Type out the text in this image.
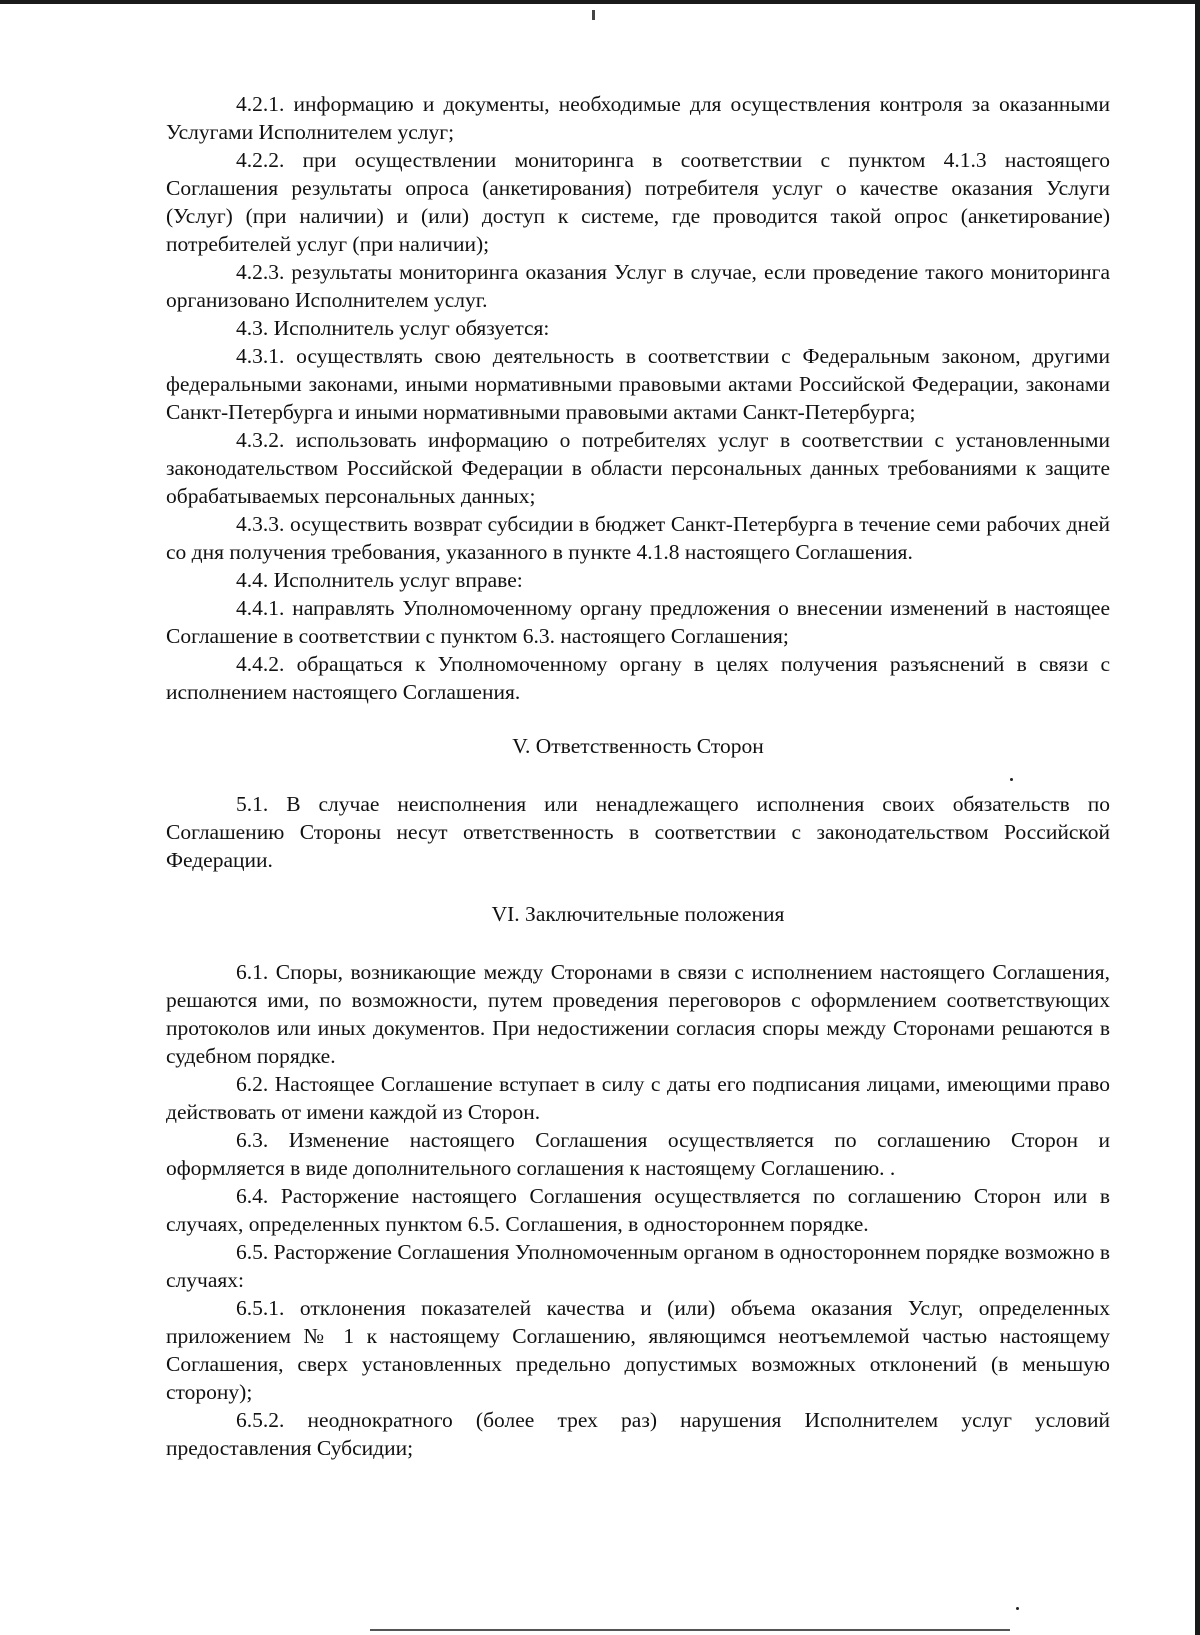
4.2.1. информацию и документы, необходимые для осуществления контроля за оказанными Услугами Исполнителем услуг;

4.2.2. при осуществлении мониторинга в соответствии с пунктом 4.1.3 настоящего Соглашения результаты опроса (анкетирования) потребителя услуг о качестве оказания Услуги (Услуг) (при наличии) и (или) доступ к системе, где проводится такой опрос (анкетирование) потребителей услуг (при наличии);

4.2.3. результаты мониторинга оказания Услуг в случае, если проведение такого мониторинга организовано Исполнителем услуг.

4.3. Исполнитель услуг обязуется:

4.3.1. осуществлять свою деятельность в соответствии с Федеральным законом, другими федеральными законами, иными нормативными правовыми актами Российской Федерации, законами Санкт-Петербурга и иными нормативными правовыми актами Санкт-Петербурга;

4.3.2. использовать информацию о потребителях услуг в соответствии с установленными законодательством Российской Федерации в области персональных данных требованиями к защите обрабатываемых персональных данных;

4.3.3. осуществить возврат субсидии в бюджет Санкт-Петербурга в течение семи рабочих дней со дня получения требования, указанного в пункте 4.1.8 настоящего Соглашения.

4.4. Исполнитель услуг вправе:

4.4.1. направлять Уполномоченному органу предложения о внесении изменений в настоящее Соглашение в соответствии с пунктом 6.3. настоящего Соглашения;

4.4.2. обращаться к Уполномоченному органу в целях получения разъяснений в связи с исполнением настоящего Соглашения.

V. Ответственность Сторон

5.1. В случае неисполнения или ненадлежащего исполнения своих обязательств по Соглашению Стороны несут ответственность в соответствии с законодательством Российской Федерации.

VI. Заключительные положения

6.1. Споры, возникающие между Сторонами в связи с исполнением настоящего Соглашения, решаются ими, по возможности, путем проведения переговоров с оформлением соответствующих протоколов или иных документов. При недостижении согласия споры между Сторонами решаются в судебном порядке.

6.2. Настоящее Соглашение вступает в силу с даты его подписания лицами, имеющими право действовать от имени каждой из Сторон.

6.3. Изменение настоящего Соглашения осуществляется по соглашению Сторон и оформляется в виде дополнительного соглашения к настоящему Соглашению. .

6.4. Расторжение настоящего Соглашения осуществляется по соглашению Сторон или в случаях, определенных пунктом 6.5. Соглашения, в одностороннем порядке.

6.5. Расторжение Соглашения Уполномоченным органом в одностороннем порядке возможно в случаях:

6.5.1. отклонения показателей качества и (или) объема оказания Услуг, определенных приложением № 1 к настоящему Соглашению, являющимся неотъемлемой частью настоящему Соглашения, сверх установленных предельно допустимых возможных отклонений (в меньшую сторону);

6.5.2. неоднократного (более трех раз) нарушения Исполнителем услуг условий предоставления Субсидии;
